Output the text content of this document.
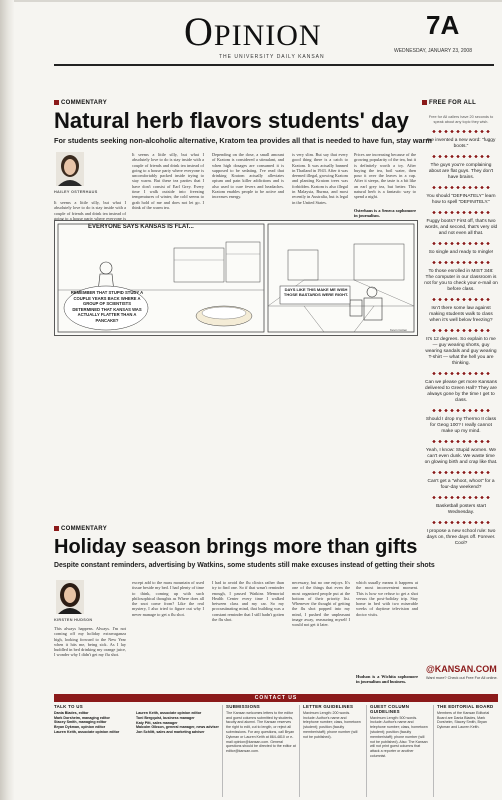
OPINION
THE UNIVERSITY DAILY KANSAN
7A
WEDNESDAY, JANUARY 23, 2008
COMMENTARY
Natural herb flavors students' day
For students seeking non-alcoholic alternative, Kratom tea provides all that is needed to have fun, stay warm
HAILEY OSTERHAUS
It seems a little silly, but what I absolutely love to do is stay inside with a couple of friends and drink tea instead of going to a house party where everyone is
It seems a little silly, but what I absolutely love to do is stay inside with a couple of friends and drink tea instead of going to a house party where everyone is uncomfortably packed inside trying to stay warm. But these tea parties that I have don't consist of Earl Grey. Every time I walk outside into freezing temperatures of winter, the cold seems to grab hold of me and does not let go. I think of the warm tea.
Depending on the dose, a small amount of Kratom is considered a stimulant, and when high dosages are consumed it is supposed to be sedating. I've read that drinking Kratom actually alleviates opium and pain killer addictions and is also used to cure fevers and headaches. Kratom enables people to be active and increases energy.
is very slim. But say that every good thing there is a catch to Kratom. It was actually banned in Thailand in 1943. After it was deemed illegal, growing Kratom and planting Kratom trees was forbidden. Kratom is also illegal in Malaysia, Burma, and most recently in Australia, but is legal in the United States.
Prices are increasing because of the growing popularity of the tea, but it is definitely worth a try. After buying the tea, boil water, then pour it over the leaves in a cup. After it steeps, the taste is a bit like an earl grey tea, but better. This natural herb is a fantastic way to spend a night.
Osterhaus is a Seneca sophomore in journalism.
EVERYONE SAYS KANSAS IS FLAT...
REMEMBER THAT STUPID STUDY A COUPLE YEARS BACK WHERE A GROUP OF SCIENTISTS DETERMINED THAT KANSAS WAS ACTUALLY FLATTER THAN A PANCAKE?
DAYS LIKE THIS MAKE ME WISH THOSE BASTARDS WERE RIGHT.
Kevin Cotten
COMMENTARY
Holiday season brings more than gifts
Despite constant reminders, advertising by Watkins, some students still make excuses instead of getting their shots
KIRSTEN HUDSON
This always happens. Always. I'm not coming off my holiday extravaganza high, looking forward to the New Year when it hits me, being sick. As I lay huddled in bed drinking my orange juice, I wonder why I didn't get my flu shot.
except add to the mass mountain of used tissue beside my bed. I had plenty of time to think, coming up with such philosophical thoughts as Where does all the snot come from? Like the real mystery, I also tried to figure out why I never manage to get a flu shot.
I had to avoid the flu clinics rather than try to find one. So if that wasn't reminder enough, I passed Watkins Memorial Health Center every time I walked between class and my car. So my procrastinating mind, that building was a constant reminder that I still hadn't gotten the flu shot.
necessary, but no one enjoys. It's one of the things that even the most organized people put at the bottom of their priority list. Whenever the thought of getting the flu shot popped into my mind, I pushed the unpleasant image away, reassuring myself I would not get it later.
which usually means it happens at the most inconvenient moment. This is how we refuse to get a shot versus the post-holiday trip. Stay home in bed with two miserable weeks of daytime television and doctor visits.
Hudson is a Wichita sophomore in journalism and business.
FREE FOR ALL
Free for All callers have 20 seconds to speak about any topic they wish.
I've invented a new word: "fuggy boots."
The guys you're complaining about are flat guys. They don't have brains.
You should "DEFINATELY" learn how to spell "DEFINITELY."
Fuggy boots? First off, that's two words, and second, that's very old and not even all that.
So single and ready to mingle!
To those enrolled in MIST 348: The computer in our classroom is not for you to check your e-mail on before class.
Isn't there some law against making students walk to class when it's well below freezing?
It's 12 degrees. So explain to me — guy wearing shorts, guy wearing sandals and guy wearing T-shirt — what the hell you are thinking.
Can we please get more Kansans delivered to Green Hall? They are always gone by the time I get to class.
Should I drop my Thermo II class for Geog 100? I really cannot make up my mind.
Yeah, I know: Stupid women. We can't even dunk. We waste time on glowing birth and crap like that.
Can't get a "whoot, whoot" for a four-day weekend?
Basketball posters start Wednesday.
I propose a new school rule: two days on, three days off. Forever. Cool?
@KANSAN.COM
Want more? Check out Free For All online.
CONTACT US
TALK TO US
Dania Blades, editor
Mark Dorsheim, managing editor
Stacey Smith, managing editor
Bryan Dykman, opinion editor
Lauren Keith, associate opinion editor
Lauren Keith, associate opinion editor
Toni Bergquist, business manager
Katy Pitt, sales manager
Malcolm Gibson, general manager, news adviser
Jon Schlitt, sales and marketing adviser
SUBMISSIONS
The Kansan welcomes letters to the editor and guest columns submitted by students, faculty and alumni. The Kansan reserves the right to edit, cut to length, or reject all submissions. For any questions, call Bryan Dykman or Lauren Keith at 864-4810 or e-mail opinion@kansan.com. General questions should be directed to the editor at editor@kansan.com.
LETTER GUIDELINES
Maximum Length: 200 words. Include: Author's name and telephone number; class, hometown (student); position (faculty member/staff); phone number (will not be published).
GUEST COLUMN GUIDELINES
Maximum Length: 500 words. Include: Author's name and telephone number; class, hometown (student); position (faculty member/staff); phone number (will not be published). Also: The Kansan will not print guest columns that attack a reporter or another columnist.
THE EDITORIAL BOARD
Members of the Kansan Editorial Board are Dania Blades, Mark Dorsheim, Stacey Smith, Bryan Dykman and Lauren Keith.
